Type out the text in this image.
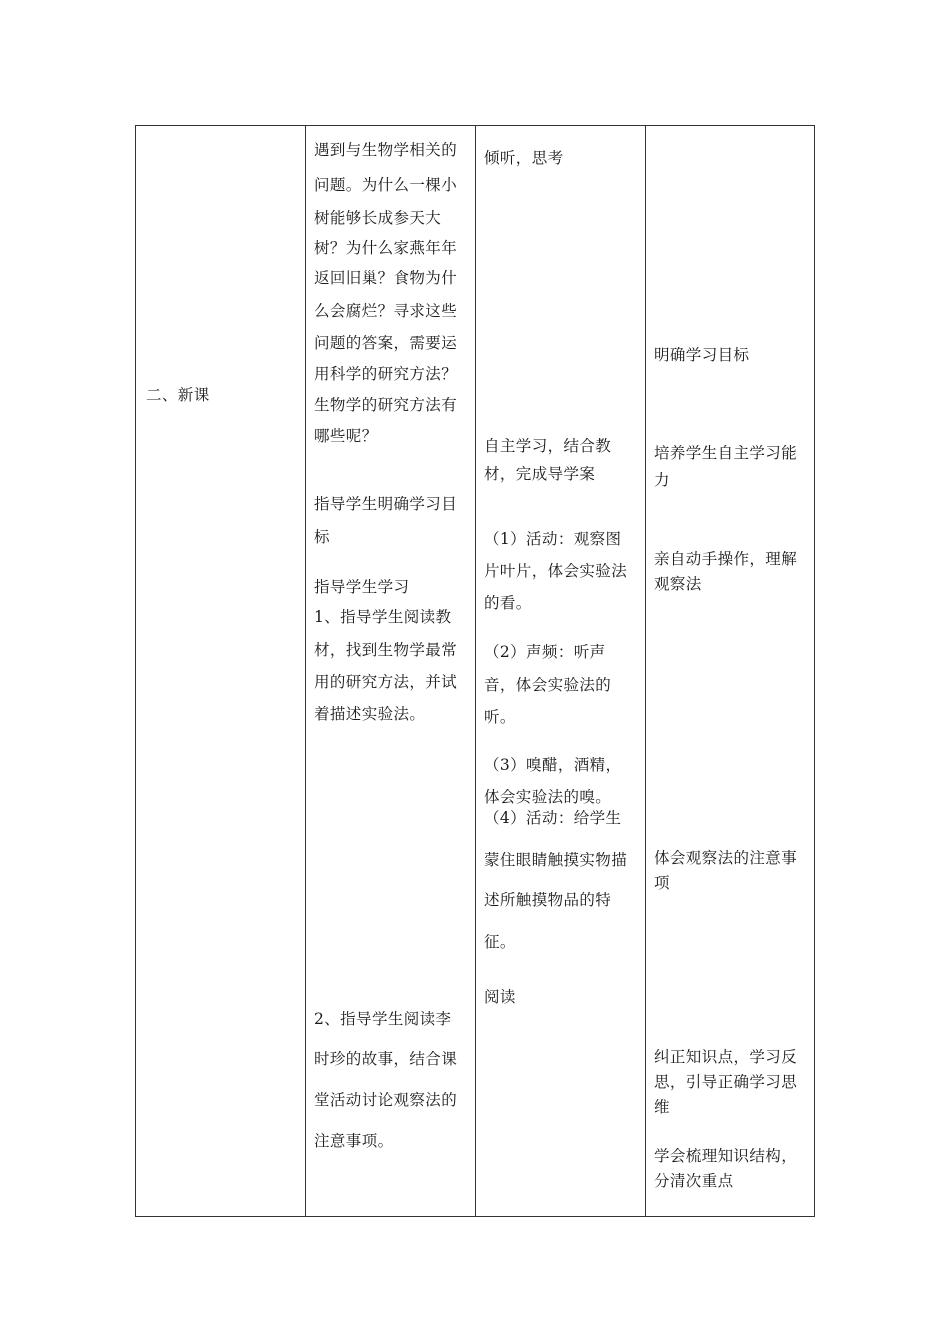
二、新课
遇到与生物学相关的
问题。为什么一棵小
树能够长成参天大
树？为什么家燕年年
返回旧巢？食物为什
么会腐烂？寻求这些
问题的答案，需要运
用科学的研究方法？
生物学的研究方法有
哪些呢？
指导学生明确学习目
标
指导学生学习
1、指导学生阅读教
材，找到生物学最常
用的研究方法，并试
着描述实验法。
2、指导学生阅读李
时珍的故事，结合课
堂活动讨论观察法的
注意事项。
倾听，思考
自主学习，结合教
材，完成导学案
（1）活动：观察图
片叶片，体会实验法
的看。
（2）声频：听声
音，体会实验法的
听。
（3）嗅醋，酒精，
体会实验法的嗅。
（4）活动：给学生
蒙住眼睛触摸实物描
述所触摸物品的特
征。
阅读
明确学习目标
培养学生自主学习能
力
亲自动手操作，理解
观察法
体会观察法的注意事
项
纠正知识点，学习反
思，引导正确学习思
维
学会梳理知识结构，
分清次重点
